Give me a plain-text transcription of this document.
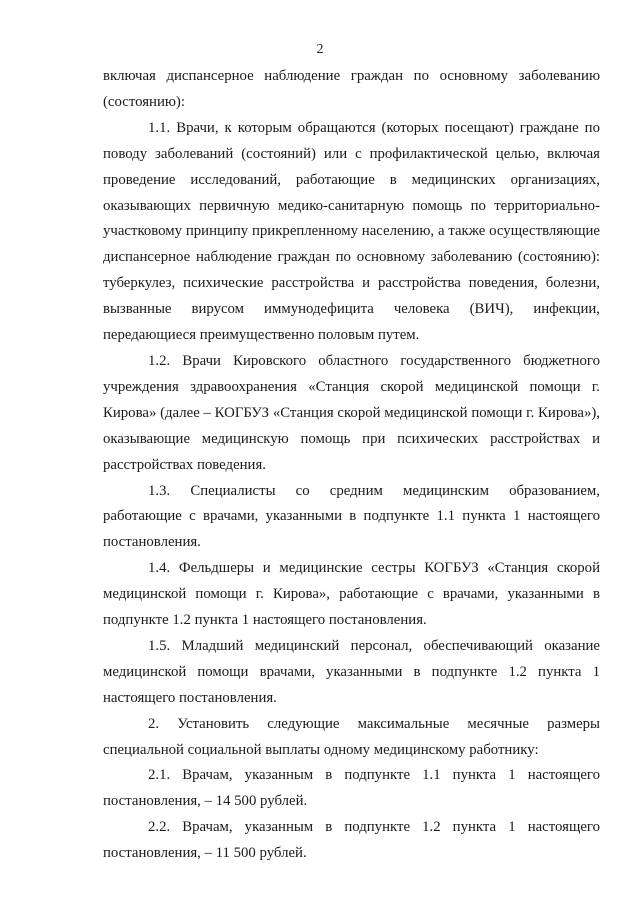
2

включая диспансерное наблюдение граждан по основному заболеванию (состоянию):

1.1. Врачи, к которым обращаются (которых посещают) граждане по поводу заболеваний (состояний) или с профилактической целью, включая проведение исследований, работающие в медицинских организациях, оказывающих первичную медико-санитарную помощь по территориально-участковому принципу прикрепленному населению, а также осуществляющие диспансерное наблюдение граждан по основному заболеванию (состоянию): туберкулез, психические расстройства и расстройства поведения, болезни, вызванные вирусом иммунодефицита человека (ВИЧ), инфекции, передающиеся преимущественно половым путем.

1.2. Врачи Кировского областного государственного бюджетного учреждения здравоохранения «Станция скорой медицинской помощи г. Кирова» (далее – КОГБУЗ «Станция скорой медицинской помощи г. Кирова»), оказывающие медицинскую помощь при психических расстройствах и расстройствах поведения.

1.3. Специалисты со средним медицинским образованием, работающие с врачами, указанными в подпункте 1.1 пункта 1 настоящего постановления.

1.4. Фельдшеры и медицинские сестры КОГБУЗ «Станция скорой медицинской помощи г. Кирова», работающие с врачами, указанными в подпункте 1.2 пункта 1 настоящего постановления.

1.5. Младший медицинский персонал, обеспечивающий оказание медицинской помощи врачами, указанными в подпункте 1.2 пункта 1 настоящего постановления.

2. Установить следующие максимальные месячные размеры специальной социальной выплаты одному медицинскому работнику:

2.1. Врачам, указанным в подпункте 1.1 пункта 1 настоящего постановления, – 14 500 рублей.

2.2. Врачам, указанным в подпункте 1.2 пункта 1 настоящего постановления, – 11 500 рублей.
